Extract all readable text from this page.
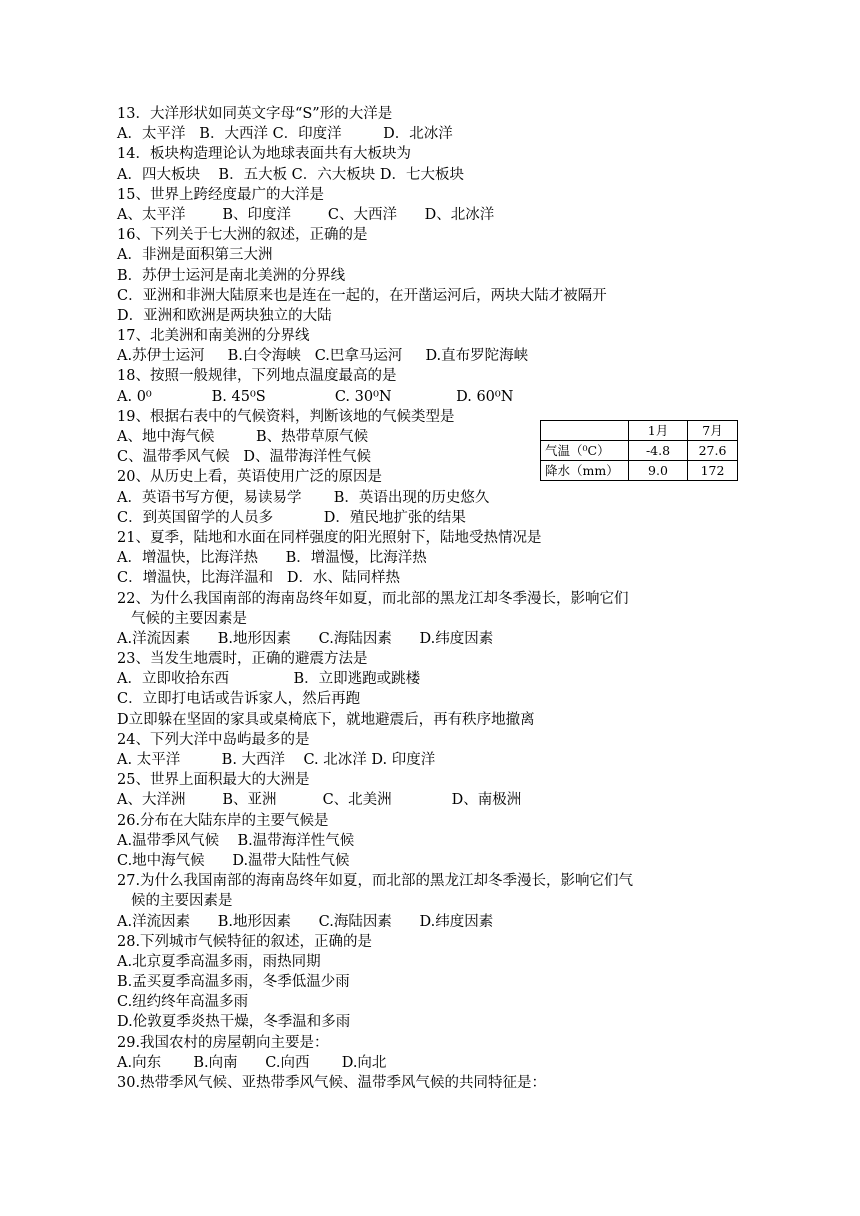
13．大洋形状如同英文字母“S”形的大洋是
A．太平洋   B．大西洋 C．印度洋         D．北冰洋
14．板块构造理论认为地球表面共有大板块为
A．四大板块    B．五大板 C．六大板块 D．七大板块
15、世界上跨经度最广的大洋是
A、太平洋        B、印度洋        C、大西洋      D、北冰洋
16、下列关于七大洲的叙述，正确的是
A．非洲是面积第三大洲
B．苏伊士运河是南北美洲的分界线
C．亚洲和非洲大陆原来也是连在一起的，在开凿运河后，两块大陆才被隔开
D．亚洲和欧洲是两块独立的大陆
17、北美洲和南美洲的分界线
A.苏伊士运河     B.白令海峡   C.巴拿马运河     D.直布罗陀海峡
18、按照一般规律，下列地点温度最高的是
A. 0⁰             B. 45⁰S               C. 30⁰N              D. 60⁰N
19、根据右表中的气候资料，判断该地的气候类型是
A、地中海气候         B、热带草原气候
C、温带季风气候   D、温带海洋性气候
20、从历史上看，英语使用广泛的原因是
A．英语书写方便，易读易学       B．英语出现的历史悠久
C．到英国留学的人员多           D．殖民地扩张的结果
21、夏季，陆地和水面在同样强度的阳光照射下，陆地受热情况是
A．增温快，比海洋热      B．增温慢，比海洋热
C．增温快，比海洋温和   D．水、陆同样热
22、为什么我国南部的海南岛终年如夏，而北部的黑龙江却冬季漫长，影响它们
气候的主要因素是
A.洋流因素      B.地形因素      C.海陆因素      D.纬度因素
23、当发生地震时，正确的避震方法是
A．立即收拾东西              B．立即逃跑或跳楼
C．立即打电话或告诉家人，然后再跑
D立即躲在坚固的家具或桌椅底下，就地避震后，再有秩序地撤离
24、下列大洋中岛屿最多的是
A. 太平洋         B. 大西洋    C. 北冰洋 D. 印度洋
25、世界上面积最大的大洲是
A、大洋洲        B、亚洲          C、北美洲             D、南极洲
26.分布在大陆东岸的主要气候是
A.温带季风气候    B.温带海洋性气候
C.地中海气候      D.温带大陆性气候
27.为什么我国南部的海南岛终年如夏，而北部的黑龙江却冬季漫长，影响它们气
候的主要因素是
A.洋流因素      B.地形因素      C.海陆因素      D.纬度因素
28.下列城市气候特征的叙述，正确的是
A.北京夏季高温多雨，雨热同期
B.孟买夏季高温多雨，冬季低温少雨
C.纽约终年高温多雨
D.伦敦夏季炎热干燥，冬季温和多雨
29.我国农村的房屋朝向主要是：
A.向东       B.向南      C.向西       D.向北
30.热带季风气候、亚热带季风气候、温带季风气候的共同特征是：
	1月	7月
气温（⁰C）	-4.8	27.6
降水（mm）	9.0	172
